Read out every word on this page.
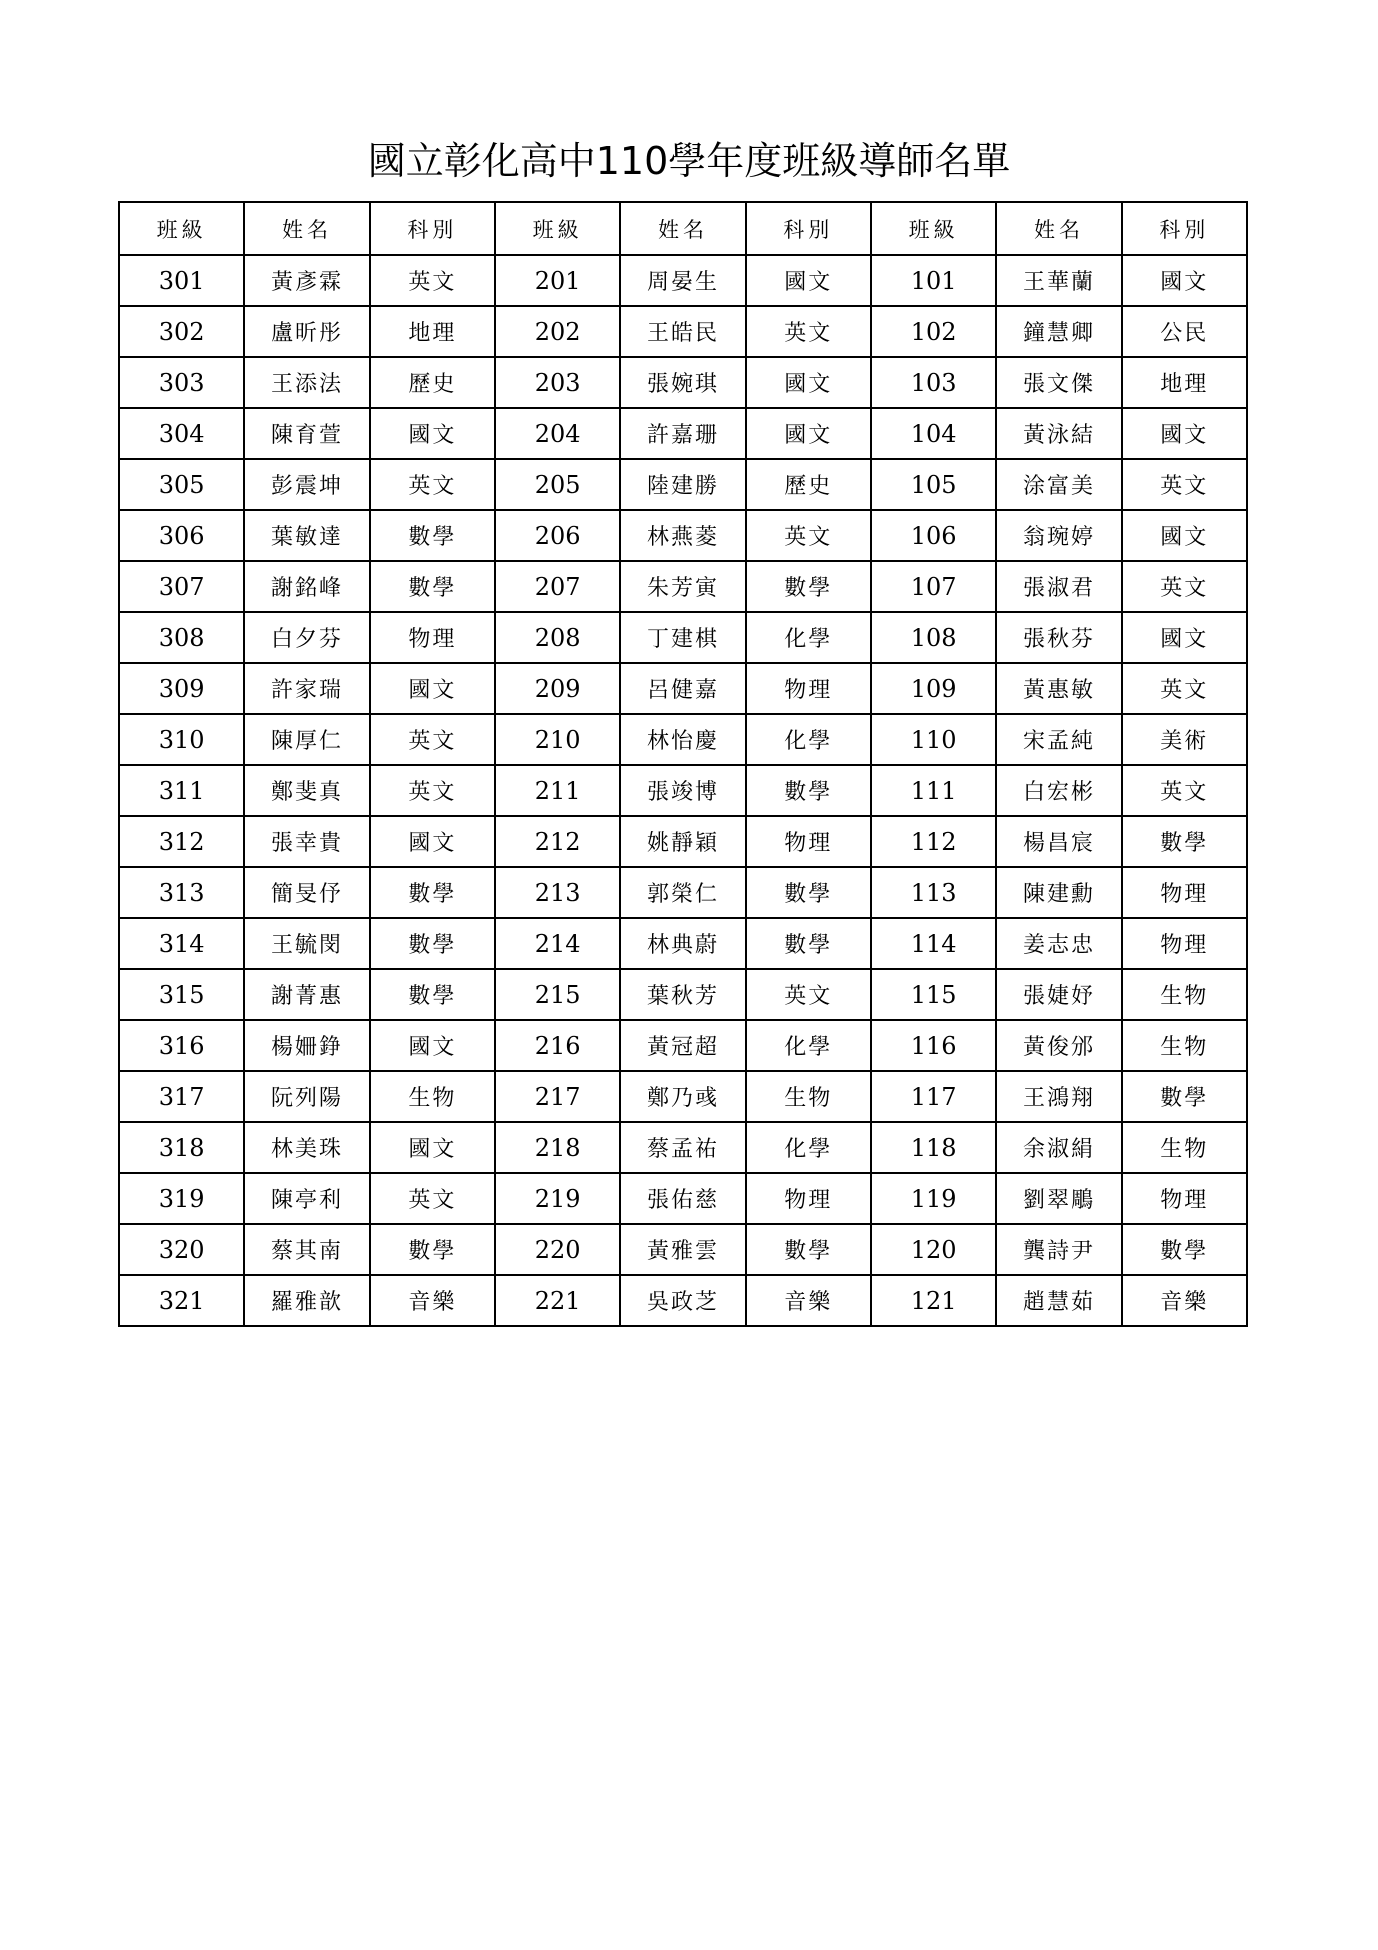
國立彰化高中110學年度班級導師名單
班級	姓名	科別	班級	姓名	科別	班級	姓名	科別
301	黃彥霖	英文	201	周晏生	國文	101	王華蘭	國文
302	盧昕彤	地理	202	王皓民	英文	102	鐘慧卿	公民
303	王添法	歷史	203	張婉琪	國文	103	張文傑	地理
304	陳育萱	國文	204	許嘉珊	國文	104	黃泳結	國文
305	彭震坤	英文	205	陸建勝	歷史	105	涂富美	英文
306	葉敏達	數學	206	林燕菱	英文	106	翁琬婷	國文
307	謝銘峰	數學	207	朱芳寅	數學	107	張淑君	英文
308	白夕芬	物理	208	丁建棋	化學	108	張秋芬	國文
309	許家瑞	國文	209	呂健嘉	物理	109	黃惠敏	英文
310	陳厚仁	英文	210	林怡慶	化學	110	宋孟純	美術
311	鄭斐真	英文	211	張竣博	數學	111	白宏彬	英文
312	張幸貴	國文	212	姚靜穎	物理	112	楊昌宸	數學
313	簡旻伃	數學	213	郭榮仁	數學	113	陳建勳	物理
314	王毓閔	數學	214	林典蔚	數學	114	姜志忠	物理
315	謝菁惠	數學	215	葉秋芳	英文	115	張婕妤	生物
316	楊姍錚	國文	216	黃冠超	化學	116	黃俊邠	生物
317	阮列陽	生物	217	鄭乃彧	生物	117	王鴻翔	數學
318	林美珠	國文	218	蔡孟祐	化學	118	余淑絹	生物
319	陳亭利	英文	219	張佑慈	物理	119	劉翠鵰	物理
320	蔡其南	數學	220	黃雅雲	數學	120	龔詩尹	數學
321	羅雅歆	音樂	221	吳政芝	音樂	121	趙慧茹	音樂
